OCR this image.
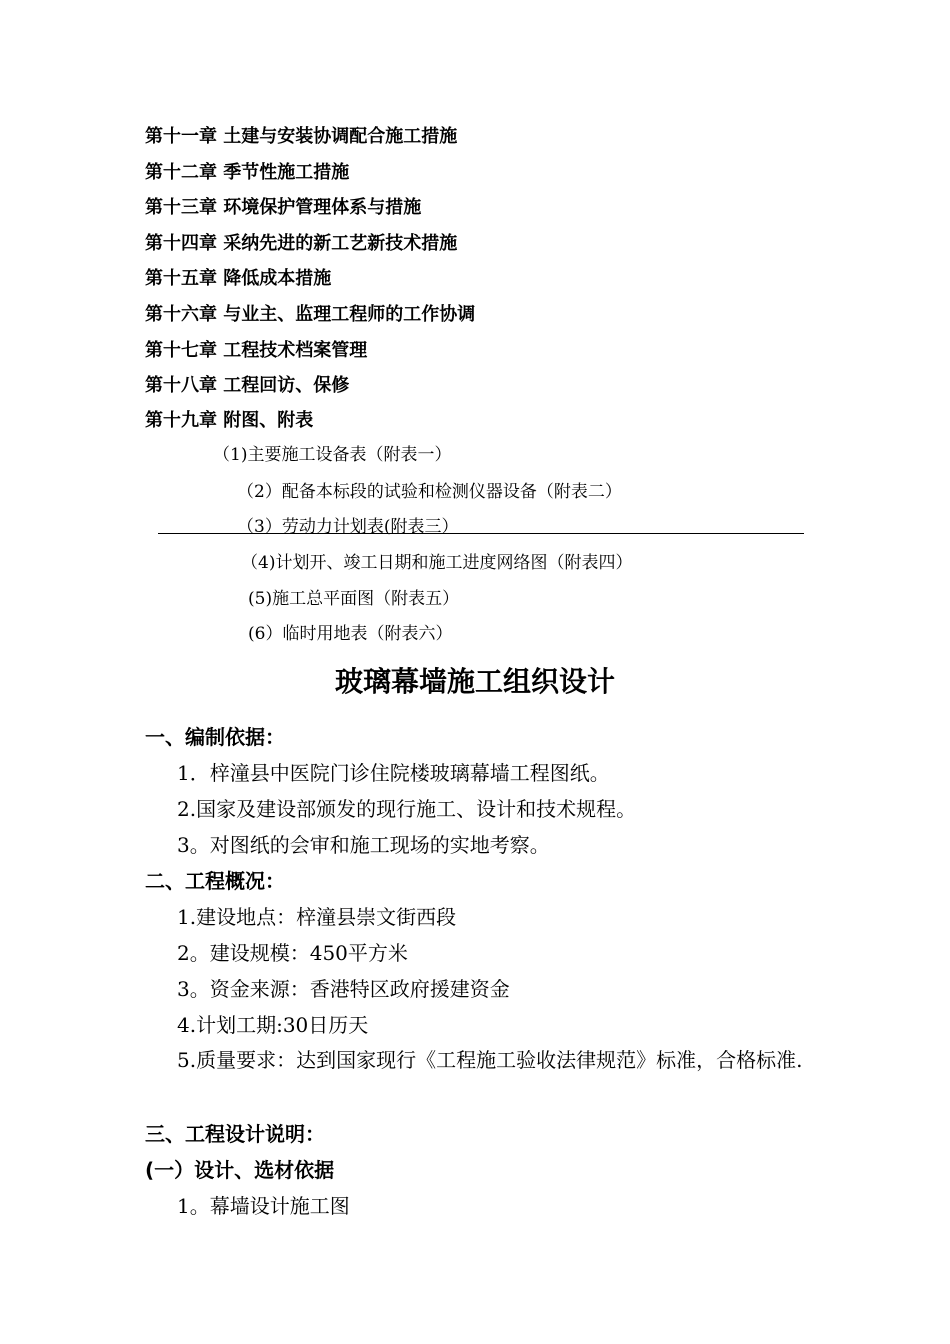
第十一章 土建与安装协调配合施工措施
第十二章 季节性施工措施
第十三章 环境保护管理体系与措施
第十四章 采纳先进的新工艺新技术措施
第十五章 降低成本措施
第十六章 与业主、监理工程师的工作协调
第十七章 工程技术档案管理
第十八章 工程回访、保修
第十九章 附图、附表
（1)主要施工设备表（附表一）
（2）配备本标段的试验和检测仪器设备（附表二）
（3）劳动力计划表(附表三）
（4)计划开、竣工日期和施工进度网络图（附表四）
(5)施工总平面图（附表五）
(6）临时用地表（附表六）
玻璃幕墙施工组织设计
一、编制依据：
1．梓潼县中医院门诊住院楼玻璃幕墙工程图纸。
2.国家及建设部颁发的现行施工、设计和技术规程。
3。对图纸的会审和施工现场的实地考察。
二、工程概况：
1.建设地点：梓潼县崇文街西段
2。建设规模：450平方米
3。资金来源：香港特区政府援建资金
4.计划工期:30日历天
5.质量要求：达到国家现行《工程施工验收法律规范》标准，合格标准.
三、工程设计说明：
(一）设计、选材依据
1。幕墙设计施工图
